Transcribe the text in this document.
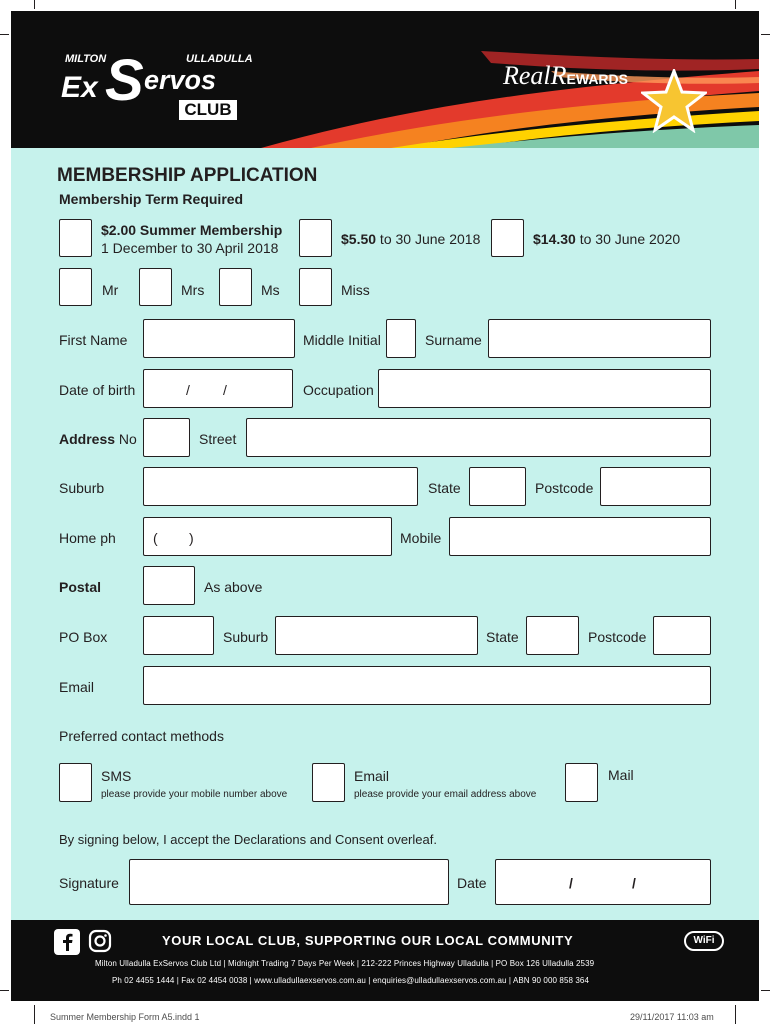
MILTON	ULLADULLA
Ex S ervos
CLUB
RealREWARDS
MEMBERSHIP APPLICATION
Membership Term Required
$2.00 Summer Membership
1 December to 30 April 2018
$5.50 to 30 June 2018	$14.30 to 30 June 2020
Mr	Mrs	Ms	Miss
First Name	Middle Initial	Surname
Date of birth	/ /	Occupation
Address No	Street
Suburb	State	Postcode
Home ph	( )	Mobile
Postal	As above
PO Box	Suburb	State	Postcode
Email
Preferred contact methods
SMS
please provide your mobile number above
Email
please provide your email address above
Mail
By signing below, I accept the Declarations and Consent overleaf.
Signature	Date	/	/
YOUR LOCAL CLUB, SUPPORTING OUR LOCAL COMMUNITY	WiFi
Milton Ulladulla ExServos Club Ltd | Midnight Trading 7 Days Per Week | 212-222 Princes Highway Ulladulla | PO Box 126 Ulladulla 2539
Ph 02 4455 1444 | Fax 02 4454 0038 | www.ulladullaexservos.com.au | enquiries@ulladullaexservos.com.au | ABN 90 000 858 364
Summer Membership Form A5.indd 1	29/11/2017 11:03 am
